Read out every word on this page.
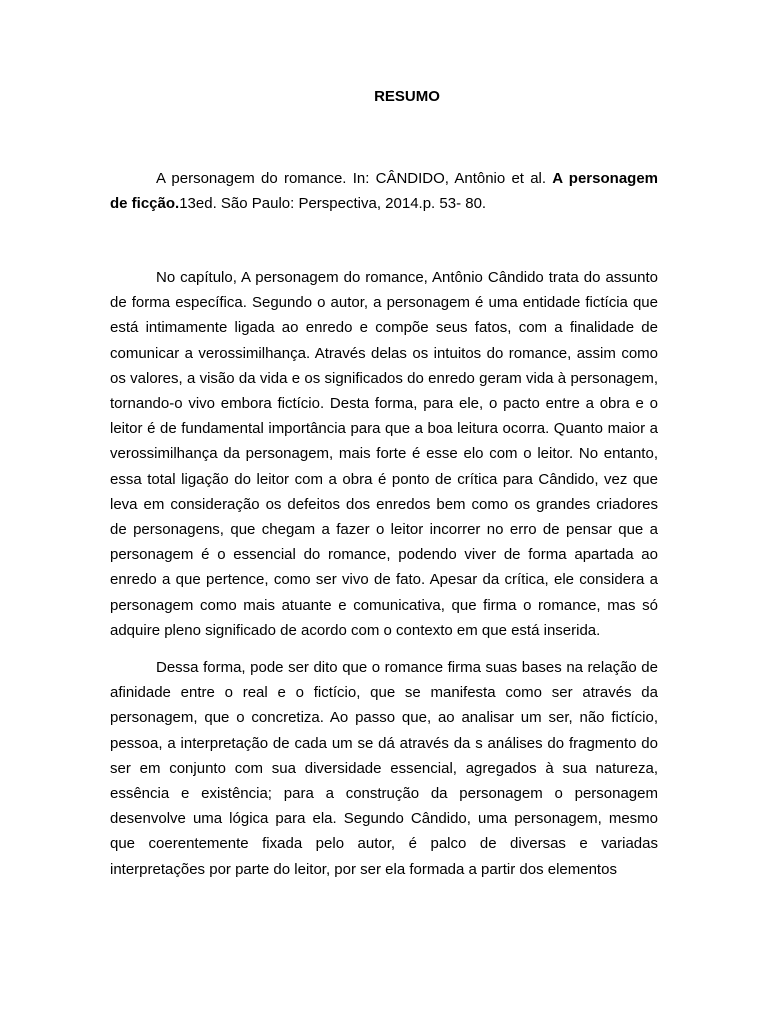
RESUMO

A personagem do romance. In: CÂNDIDO, Antônio et al. A personagem de ficção.13ed. São Paulo: Perspectiva, 2014.p. 53- 80.

No capítulo, A personagem do romance, Antônio Cândido trata do assunto de forma específica. Segundo o autor, a personagem é uma entidade fictícia que está intimamente ligada ao enredo e compõe seus fatos, com a finalidade de comunicar a verossimilhança. Através delas os intuitos do romance, assim como os valores, a visão da vida e os significados do enredo geram vida à personagem, tornando-o vivo embora fictício. Desta forma, para ele, o pacto entre a obra e o leitor é de fundamental importância para que a boa leitura ocorra. Quanto maior a verossimilhança da personagem, mais forte é esse elo com o leitor. No entanto, essa total ligação do leitor com a obra é ponto de crítica para Cândido, vez que leva em consideração os defeitos dos enredos bem como os grandes criadores de personagens, que chegam a fazer o leitor incorrer no erro de pensar que a personagem é o essencial do romance, podendo viver de forma apartada ao enredo a que pertence, como ser vivo de fato. Apesar da crítica, ele considera a personagem como mais atuante e comunicativa, que firma o romance, mas só adquire pleno significado de acordo com o contexto em que está inserida.

Dessa forma, pode ser dito que o romance firma suas bases na relação de afinidade entre o real e o fictício, que se manifesta como ser através da personagem, que o concretiza. Ao passo que, ao analisar um ser, não fictício, pessoa, a interpretação de cada um se dá através da s análises do fragmento do ser em conjunto com sua diversidade essencial, agregados à sua natureza, essência e existência; para a construção da personagem o personagem desenvolve uma lógica para ela. Segundo Cândido, uma personagem, mesmo que coerentemente fixada pelo autor, é palco de diversas e variadas interpretações por parte do leitor, por ser ela formada a partir dos elementos
